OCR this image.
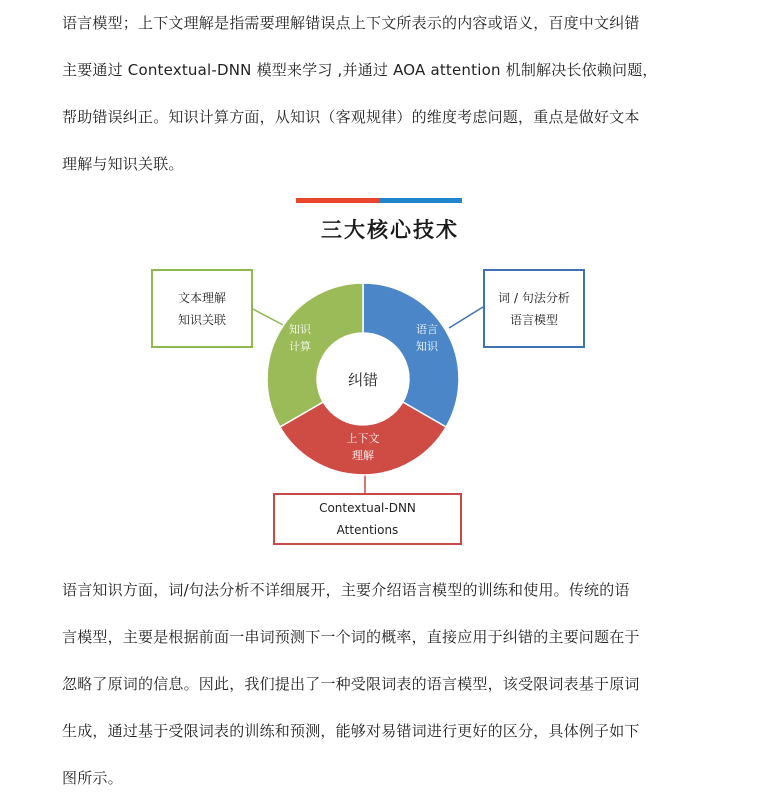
语言模型；上下文理解是指需要理解错误点上下文所表示的内容或语义，百度中文纠错
主要通过 Contextual-DNN 模型来学习 ,并通过 AOA attention 机制解决长依赖问题，
帮助错误纠正。知识计算方面，从知识（客观规律）的维度考虑问题，重点是做好文本
理解与知识关联。
三大核心技术
语言
知识
上下文
理解
知识
计算
纠错
文本理解
知识关联
词 / 句法分析
语言模型
Contextual-DNN
Attentions
语言知识方面，词/句法分析不详细展开，主要介绍语言模型的训练和使用。传统的语
言模型，主要是根据前面一串词预测下一个词的概率，直接应用于纠错的主要问题在于
忽略了原词的信息。因此，我们提出了一种受限词表的语言模型，该受限词表基于原词
生成，通过基于受限词表的训练和预测，能够对易错词进行更好的区分，具体例子如下
图所示。
